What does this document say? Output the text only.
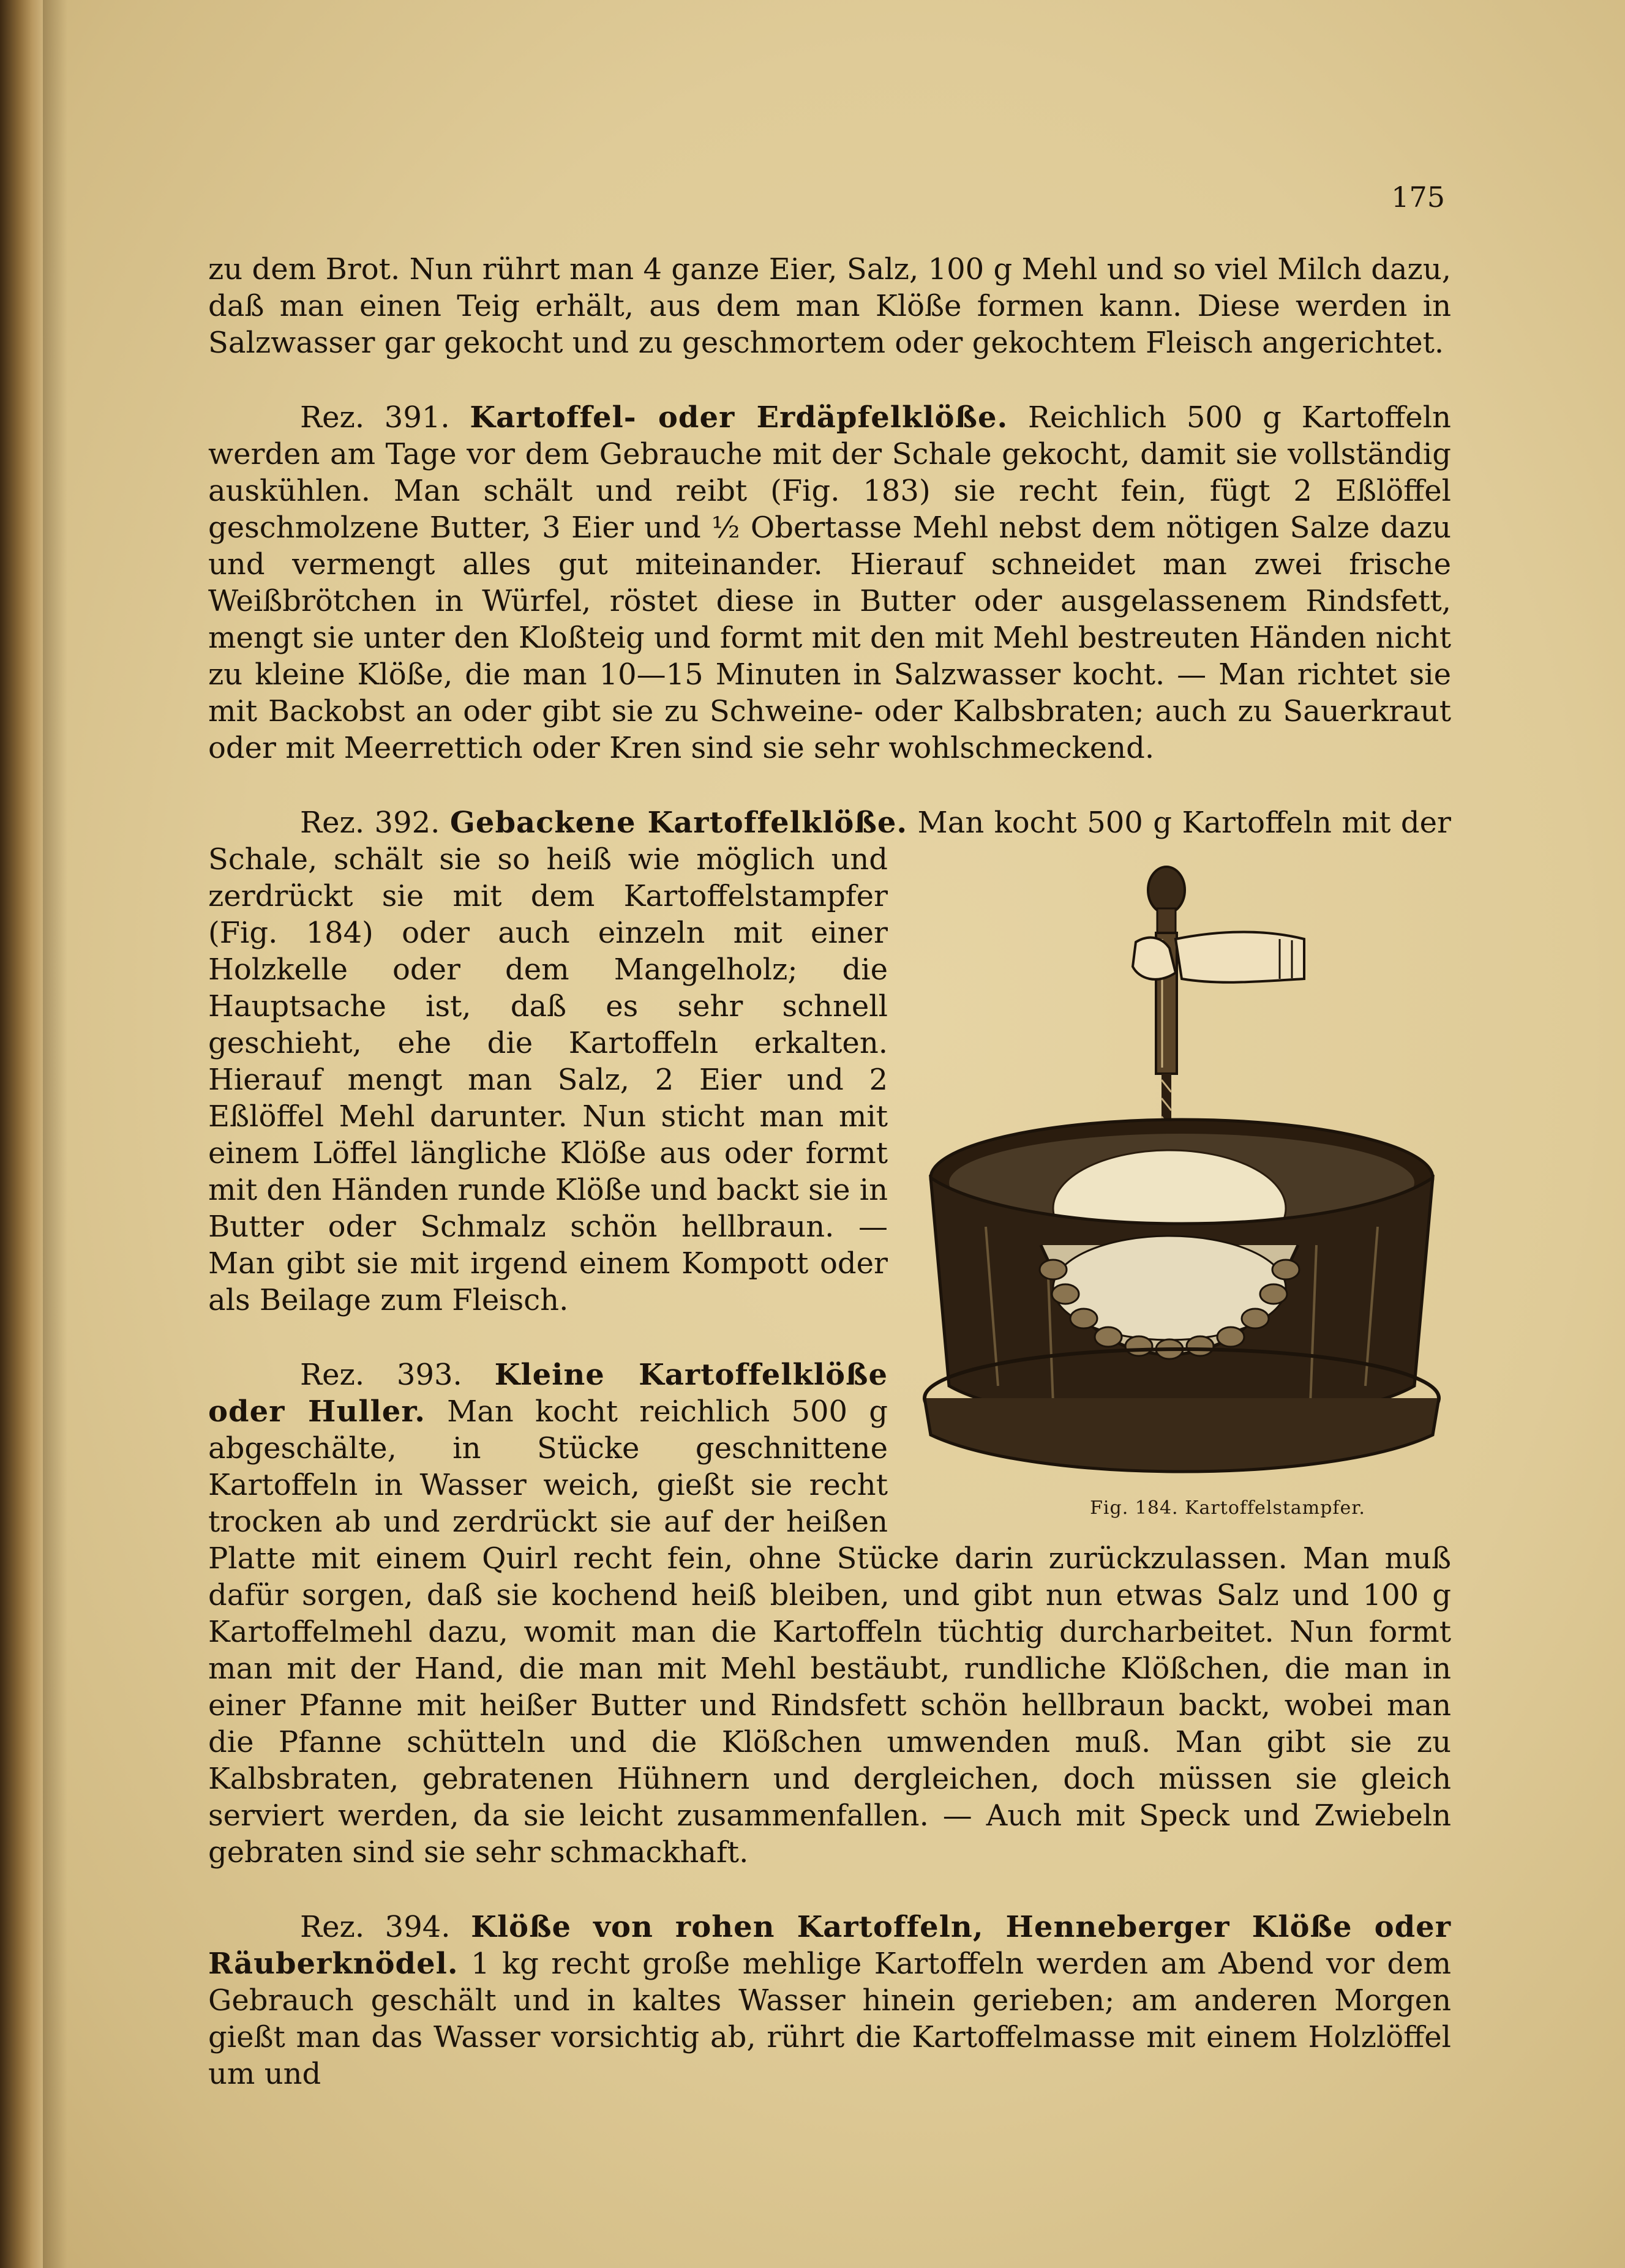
175

zu dem Brot. Nun rührt man 4 ganze Eier, Salz, 100 g Mehl und so viel Milch dazu, daß man einen Teig erhält, aus dem man Klöße formen kann. Diese werden in Salzwasser gar gekocht und zu geschmortem oder gekochtem Fleisch angerichtet.

Rez. 391. Kartoffel- oder Erdäpfelklöße. Reichlich 500 g Kartoffeln werden am Tage vor dem Gebrauche mit der Schale gekocht, damit sie vollständig auskühlen. Man schält und reibt (Fig. 183) sie recht fein, fügt 2 Eßlöffel geschmolzene Butter, 3 Eier und ½ Obertasse Mehl nebst dem nötigen Salze dazu und vermengt alles gut miteinander. Hierauf schneidet man zwei frische Weißbrötchen in Würfel, röstet diese in Butter oder ausgelassenem Rindsfett, mengt sie unter den Kloßteig und formt mit den mit Mehl bestreuten Händen nicht zu kleine Klöße, die man 10—15 Minuten in Salzwasser kocht. — Man richtet sie mit Backobst an oder gibt sie zu Schweine- oder Kalbsbraten; auch zu Sauerkraut oder mit Meerrettich oder Kren sind sie sehr wohlschmeckend.

Rez. 392. Gebackene Kartoffelklöße.
Fig. 184. Kartoffelstampfer.
Man kocht 500 g Kartoffeln mit der Schale, schält sie so heiß wie möglich und zerdrückt sie mit dem Kartoffelstampfer (Fig. 184) oder auch einzeln mit einer Holzkelle oder dem Mangelholz; die Hauptsache ist, daß es sehr schnell geschieht, ehe die Kartoffeln erkalten. Hierauf mengt man Salz, 2 Eier und 2 Eßlöffel Mehl darunter. Nun sticht man mit einem Löffel längliche Klöße aus oder formt mit den Händen runde Klöße und backt sie in Butter oder Schmalz schön hellbraun. — Man gibt sie mit irgend einem Kompott oder als Beilage zum Fleisch.

Rez. 393. Kleine Kartoffelklöße oder Huller. Man kocht reichlich 500 g abgeschälte, in Stücke geschnittene Kartoffeln in Wasser weich, gießt sie recht trocken ab und zerdrückt sie auf der heißen Platte mit einem Quirl recht fein, ohne Stücke darin zurückzulassen. Man muß dafür sorgen, daß sie kochend heiß bleiben, und gibt nun etwas Salz und 100 g Kartoffelmehl dazu, womit man die Kartoffeln tüchtig durcharbeitet. Nun formt man mit der Hand, die man mit Mehl bestäubt, rundliche Klößchen, die man in einer Pfanne mit heißer Butter und Rindsfett schön hellbraun backt, wobei man die Pfanne schütteln und die Klößchen umwenden muß. Man gibt sie zu Kalbsbraten, gebratenen Hühnern und dergleichen, doch müssen sie gleich serviert werden, da sie leicht zusammenfallen. — Auch mit Speck und Zwiebeln gebraten sind sie sehr schmackhaft.

Rez. 394. Klöße von rohen Kartoffeln, Henneberger Klöße oder Räuberknödel. 1 kg recht große mehlige Kartoffeln werden am Abend vor dem Gebrauch geschält und in kaltes Wasser hinein gerieben; am anderen Morgen gießt man das Wasser vorsichtig ab, rührt die Kartoffelmasse mit einem Holzlöffel um und
